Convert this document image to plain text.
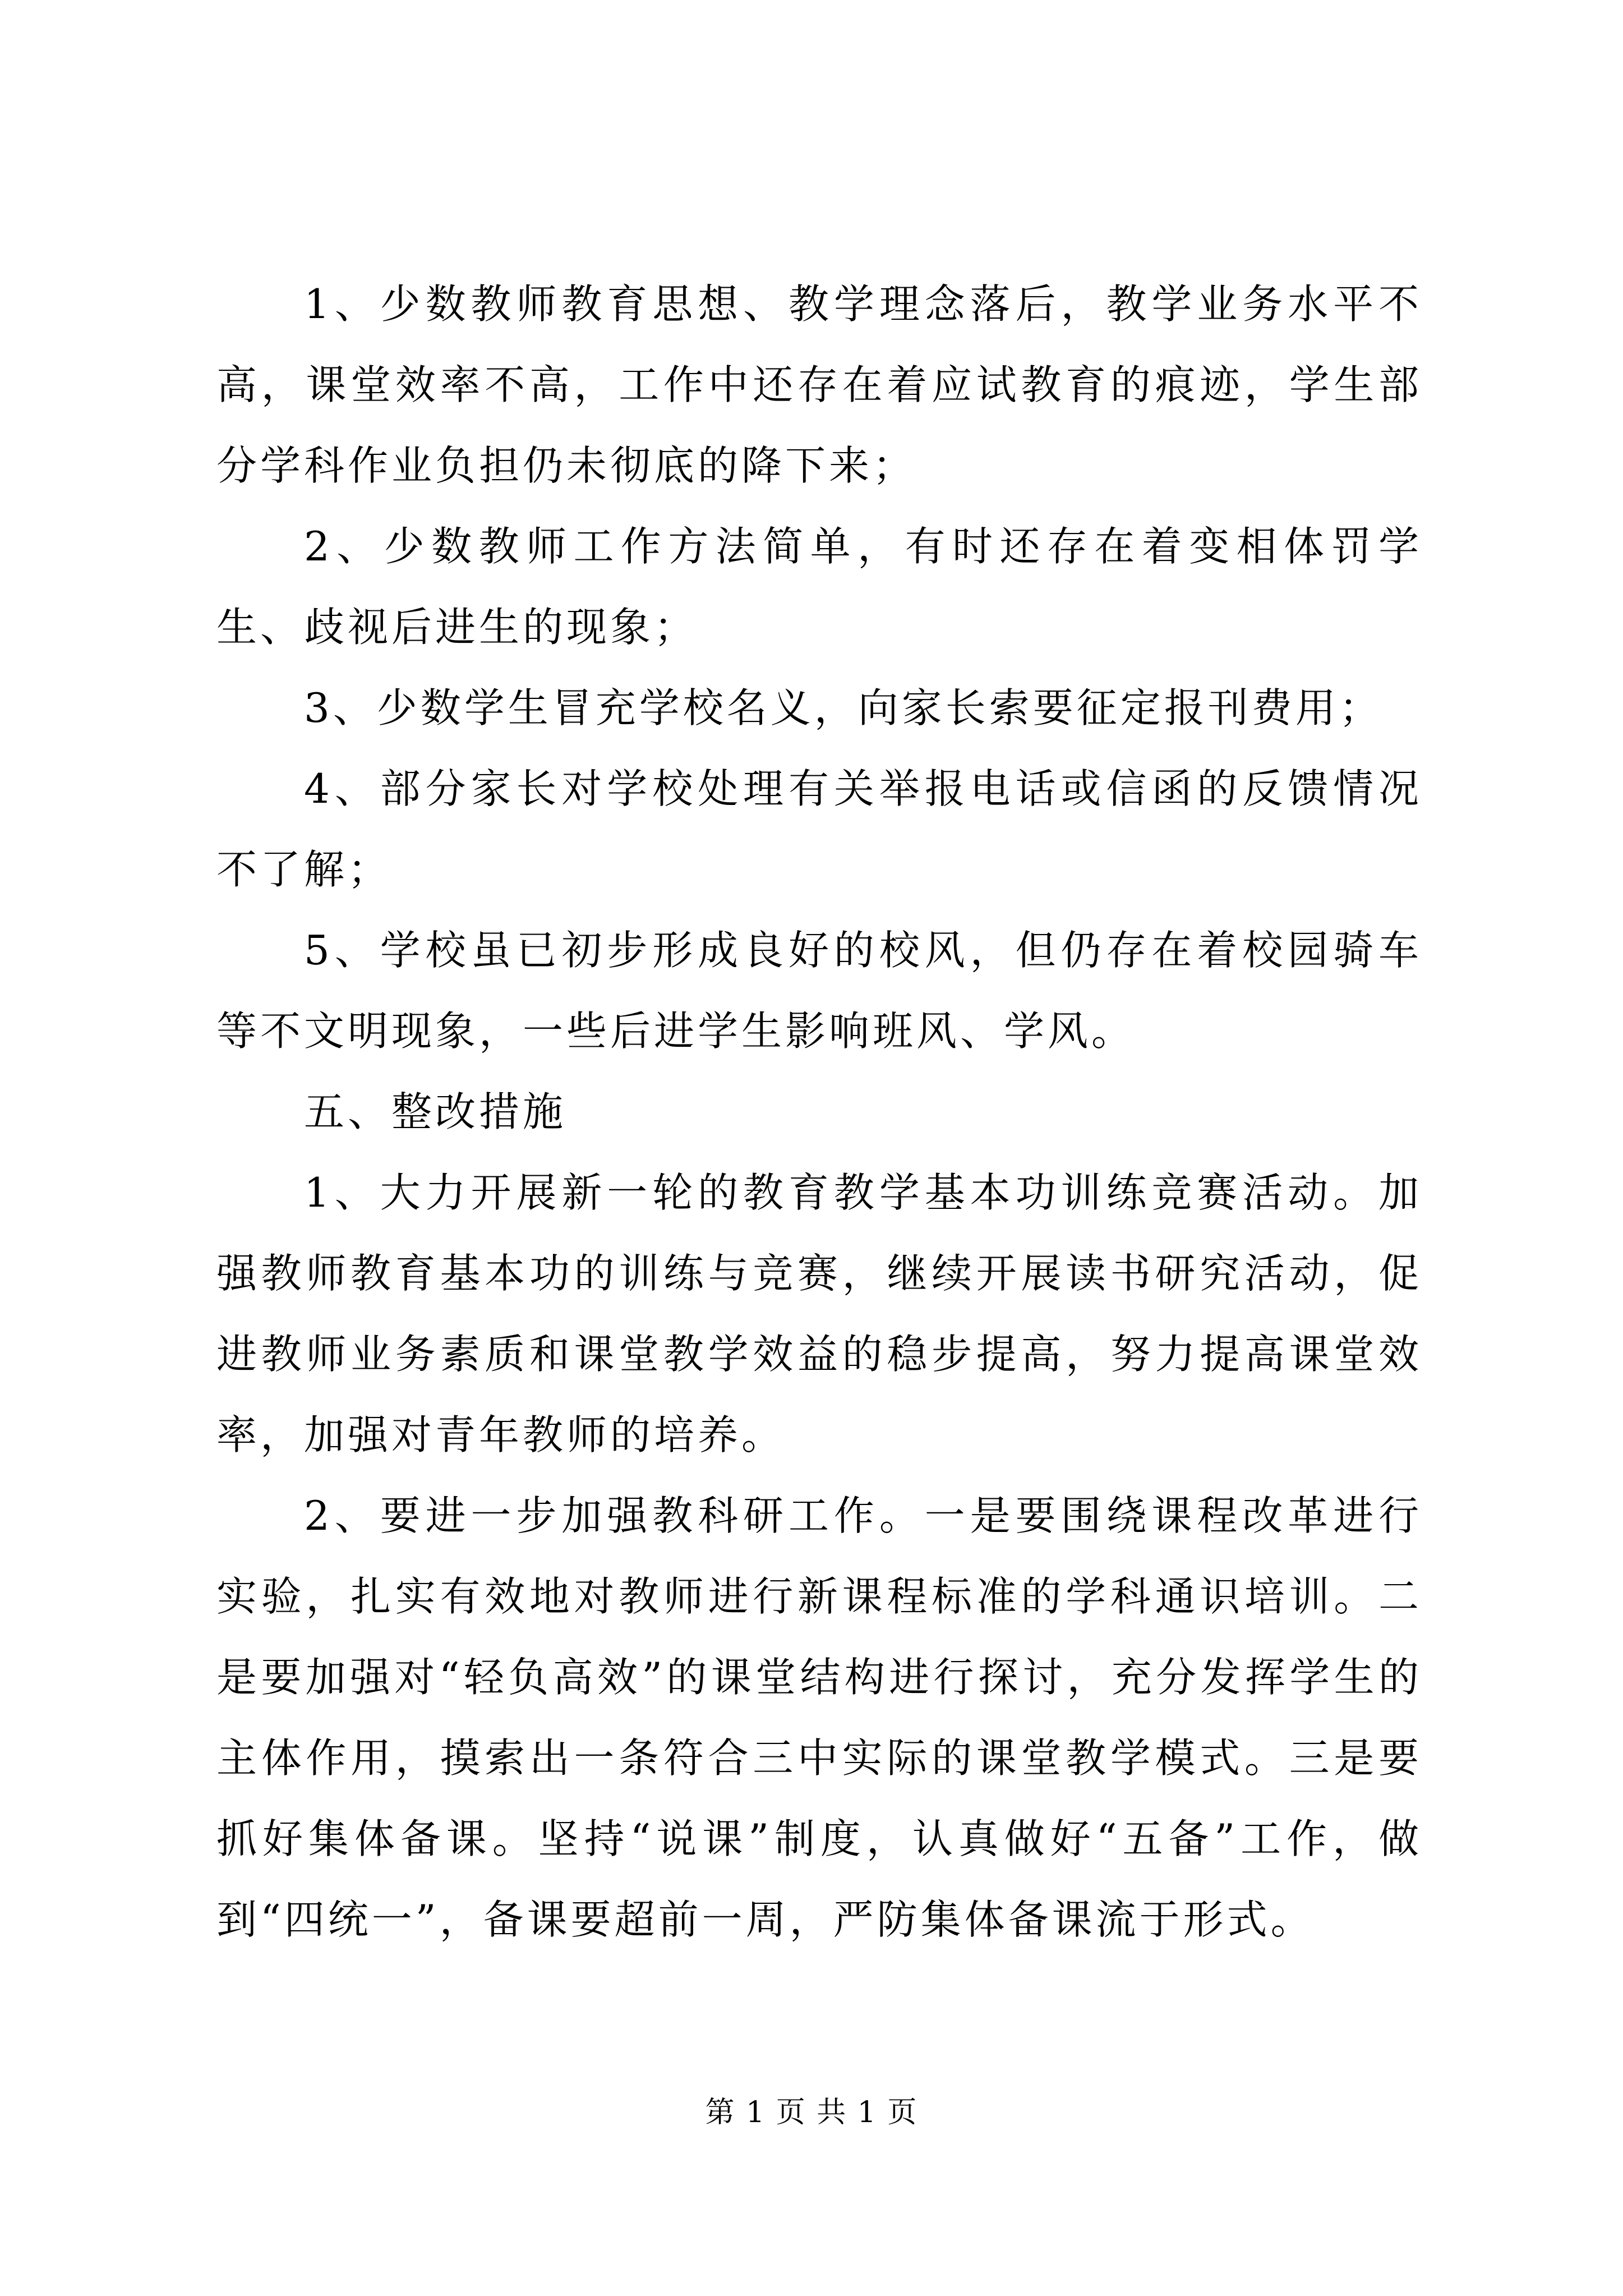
1、少数教师教育思想、教学理念落后，教学业务水平不高，课堂效率不高，工作中还存在着应试教育的痕迹，学生部分学科作业负担仍未彻底的降下来；

2、少数教师工作方法简单，有时还存在着变相体罚学生、歧视后进生的现象；

3、少数学生冒充学校名义，向家长索要征定报刊费用；

4、部分家长对学校处理有关举报电话或信函的反馈情况不了解；

5、学校虽已初步形成良好的校风，但仍存在着校园骑车等不文明现象，一些后进学生影响班风、学风。

五、整改措施

1、大力开展新一轮的教育教学基本功训练竞赛活动。加强教师教育基本功的训练与竞赛，继续开展读书研究活动，促进教师业务素质和课堂教学效益的稳步提高，努力提高课堂效率，加强对青年教师的培养。

2、要进一步加强教科研工作。一是要围绕课程改革进行实验，扎实有效地对教师进行新课程标准的学科通识培训。二是要加强对“轻负高效”的课堂结构进行探讨，充分发挥学生的主体作用，摸索出一条符合三中实际的课堂教学模式。三是要抓好集体备课。坚持“说课”制度，认真做好“五备”工作，做到“四统一”，备课要超前一周，严防集体备课流于形式。

第 1 页 共 1 页
